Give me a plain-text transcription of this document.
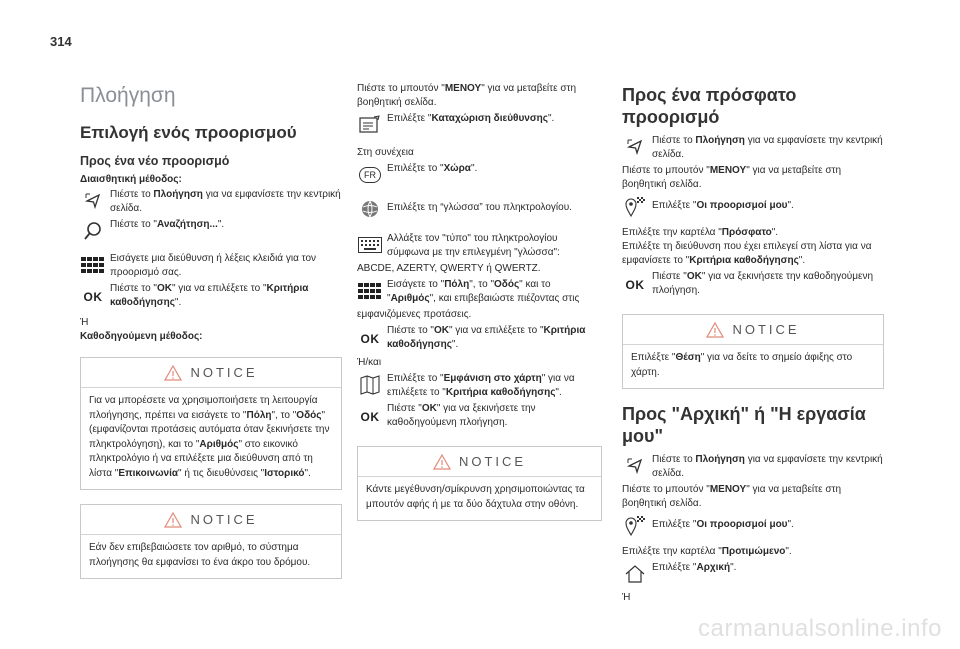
314
Πλοήγηση
Επιλογή ενός προορισμού
Προς ένα νέο προορισμό
Διαισθητική μέθοδος:
Πιέστε το Πλοήγηση για να εμφανίσετε την κεντρική σελίδα.
Πιέστε το "Αναζήτηση...".
Εισάγετε μια διεύθυνση ή λέξεις κλειδιά για τον προορισμό σας.
OK
Πιέστε το "OK" για να επιλέξετε το "Κριτήρια καθοδήγησης".
Ή
Καθοδηγούμενη μέθοδος:
NOTICE
Για να μπορέσετε να χρησιμοποιήσετε τη λειτουργία πλοήγησης, πρέπει να εισάγετε το "Πόλη", το "Οδός" (εμφανίζονται προτάσεις αυτόματα όταν ξεκινήσετε την πληκτρολόγηση), και το "Αριθμός" στο εικονικό πληκτρολόγιο ή να επιλέξετε μια διεύθυνση από τη λίστα "Επικοινωνία" ή τις διευθύνσεις "Ιστορικό".
NOTICE
Εάν δεν επιβεβαιώσετε τον αριθμό, το σύστημα πλοήγησης θα εμφανίσει το ένα άκρο του δρόμου.
Πιέστε το μπουτόν "ΜΕΝΟΥ" για να μεταβείτε στη βοηθητική σελίδα.
Επιλέξτε "Καταχώριση διεύθυνσης".
Στη συνέχεια
FR
Επιλέξτε το "Χώρα".
Επιλέξτε τη “γλώσσα” του πληκτρολογίου.
Αλλάξτε τον "τύπο" του πληκτρολογίου σύμφωνα με την επιλεγμένη "γλώσσα":
ABCDE, AZERTY, QWERTY ή QWERTZ.
Εισάγετε το "Πόλη", το "Οδός" και το "Αριθμός", και επιβεβαιώστε πιέζοντας στις
εμφανιζόμενες προτάσεις.
OK
Πιέστε το "OK" για να επιλέξετε το "Κριτήρια καθοδήγησης".
Ή/και
Επιλέξτε το "Εμφάνιση στο χάρτη" για να επιλέξετε το "Κριτήρια καθοδήγησης".
OK
Πιέστε "OK" για να ξεκινήσετε την καθοδηγούμενη πλοήγηση.
NOTICE
Κάντε μεγέθυνση/σμίκρυνση χρησιμοποιώντας τα μπουτόν αφής ή με τα δύο δάχτυλα στην οθόνη.
Προς ένα πρόσφατο προορισμό
Πιέστε το Πλοήγηση για να εμφανίσετε την κεντρική σελίδα.
Πιέστε το μπουτόν "ΜΕΝΟΥ" για να μεταβείτε στη βοηθητική σελίδα.
Επιλέξτε "Οι προορισμοί μου".
Επιλέξτε την καρτέλα "Πρόσφατο".
Επιλέξτε τη διεύθυνση που έχει επιλεγεί στη λίστα για να εμφανίσετε το "Κριτήρια καθοδήγησης".
OK
Πιέστε "OK" για να ξεκινήσετε την καθοδηγούμενη πλοήγηση.
NOTICE
Επιλέξτε "Θέση" για να δείτε το σημείο άφιξης στο χάρτη.
Προς "Αρχική" ή "Η εργασία μου"
Πιέστε το Πλοήγηση για να εμφανίσετε την κεντρική σελίδα.
Πιέστε το μπουτόν "ΜΕΝΟΥ" για να μεταβείτε στη βοηθητική σελίδα.
Επιλέξτε "Οι προορισμοί μου".
Επιλέξτε την καρτέλα "Προτιμώμενο".
Επιλέξτε "Αρχική".
Ή
carmanualsonline.info
